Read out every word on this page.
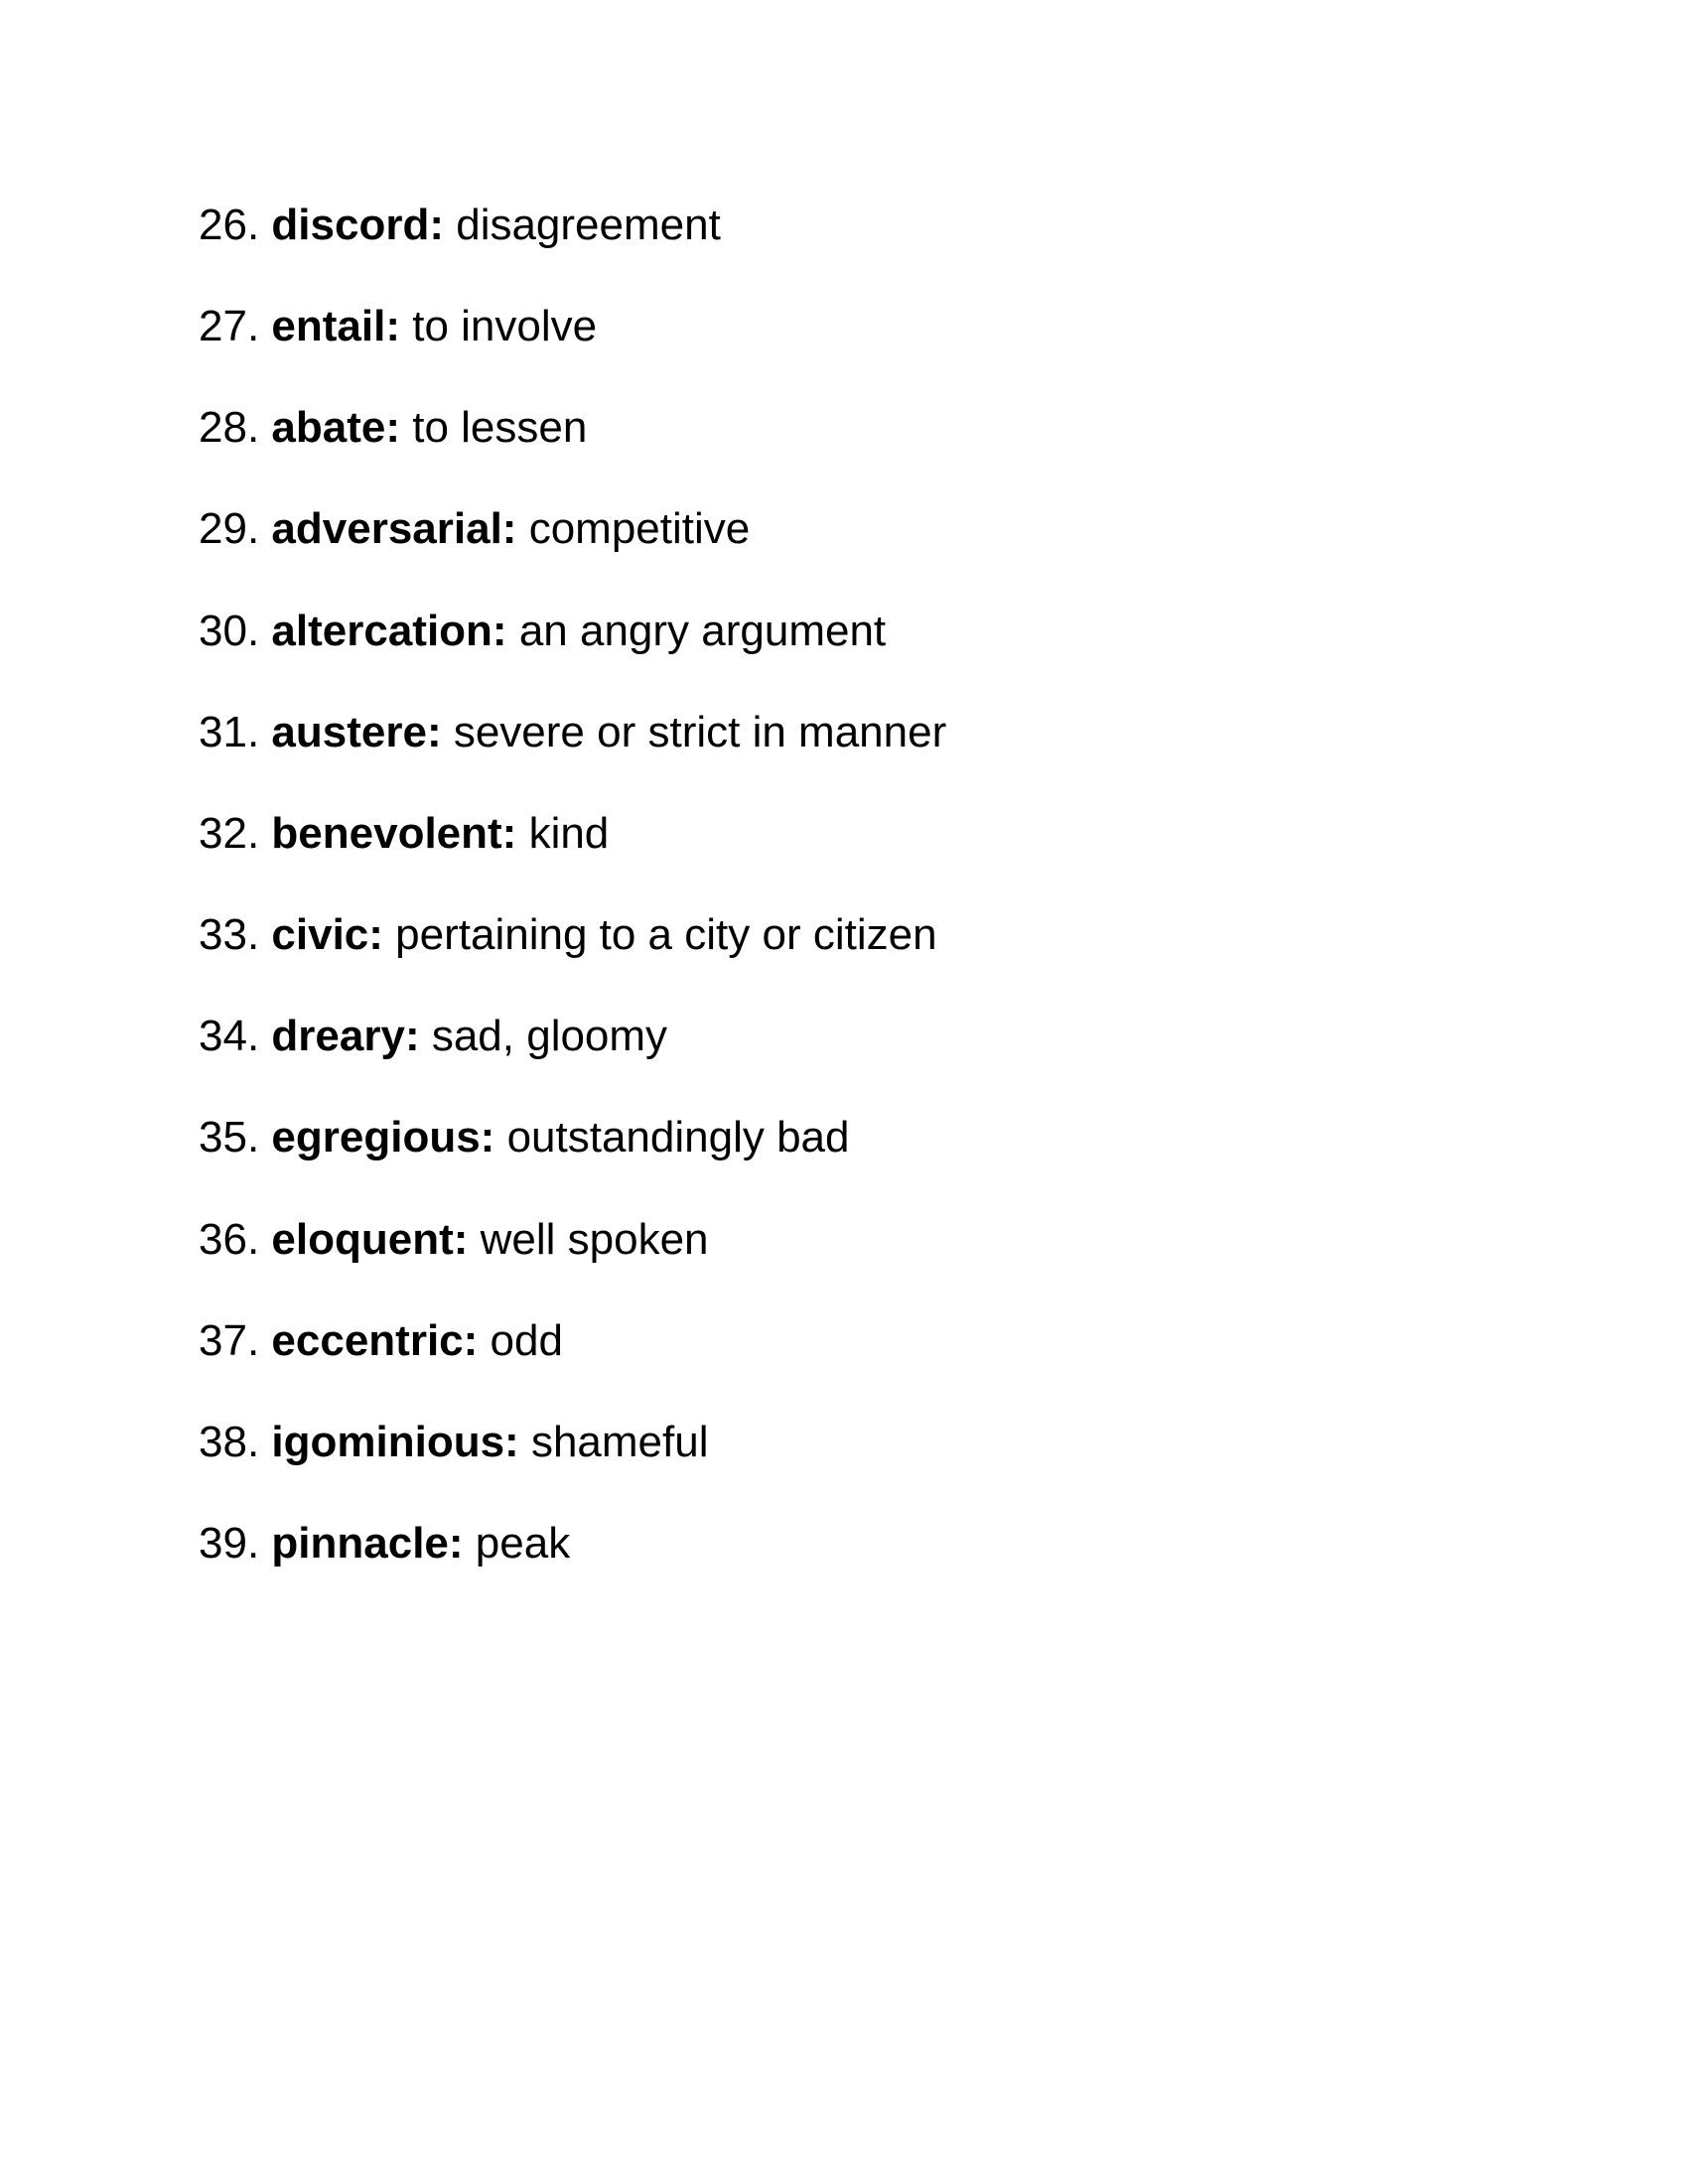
26. discord: disagreement
27. entail: to involve
28. abate: to lessen
29. adversarial: competitive
30. altercation: an angry argument
31. austere: severe or strict in manner
32. benevolent: kind
33. civic: pertaining to a city or citizen
34. dreary: sad, gloomy
35. egregious: outstandingly bad
36. eloquent: well spoken
37. eccentric: odd
38. igominious: shameful
39. pinnacle: peak
